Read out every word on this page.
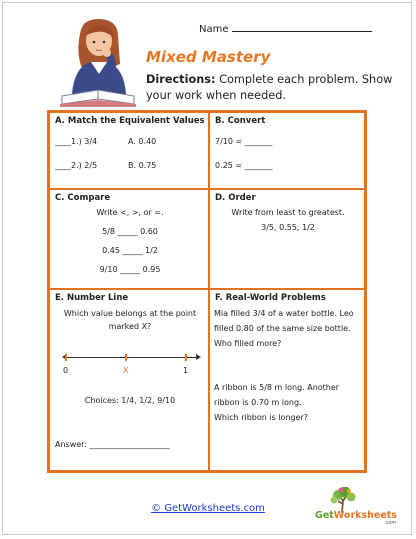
Name
Mixed Mastery
Directions: Complete each problem. Show your work when needed.
A. Match the Equivalent Values
____1.) 3/4	A. 0.40
____2.) 2/5	B. 0.75
B. Convert
7/10 = _______
0.25 = _______
C. Compare
Write <, >, or =.
5/8 _____ 0.60
0.45 _____ 1/2
9/10 _____ 0.95
D. Order
Write from least to greatest.
3/5, 0.55, 1/2
E. Number Line
Which value belongs at the point
marked X?
0	X	1
Choices: 1/4, 1/2, 9/10
Answer: ____________________
F. Real-World Problems
Mia filled 3/4 of a water bottle. Leo
filled 0.80 of the same size bottle.
Who filled more?
A ribbon is 5/8 m long. Another
ribbon is 0.70 m long.
Which ribbon is longer?
© GetWorksheets.com
GetWorksheets
.com
